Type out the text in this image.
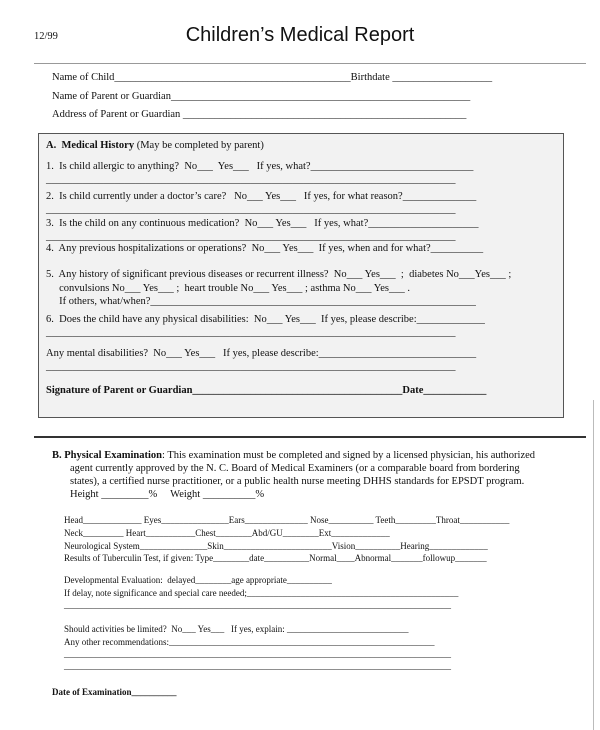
12/99	Children’s Medical Report
Name of Child_____________________________________________Birthdate ___________________
Name of Parent or Guardian_________________________________________________________
Address of Parent or Guardian ______________________________________________________
A.  Medical History (May be completed by parent)
1.  Is child allergic to anything?  No___  Yes___   If yes, what?_______________________________
______________________________________________________________________________
2.  Is child currently under a doctor’s care?   No___ Yes___   If yes, for what reason?______________
______________________________________________________________________________
3.  Is the child on any continuous medication?  No___ Yes___   If yes, what?_____________________
______________________________________________________________________________
4.  Any previous hospitalizations or operations?  No___ Yes___  If yes, when and for what?__________
5.  Any history of significant previous diseases or recurrent illness?  No___ Yes___  ;  diabetes No___Yes___ ;
convulsions No___ Yes___ ;  heart trouble No___ Yes___ ; asthma No___ Yes___ .
If others, what/when?______________________________________________________________
6.  Does the child have any physical disabilities:  No___ Yes___  If yes, please describe:_____________
______________________________________________________________________________
Any mental disabilities?  No___ Yes___   If yes, please describe:______________________________
______________________________________________________________________________
Signature of Parent or Guardian________________________________________Date____________
B. Physical Examination: This examination must be completed and signed by a licensed physician, his authorized
agent currently approved by the N. C. Board of Medical Examiners (or a comparable board from bordering
states), a certified nurse practitioner, or a public health nurse meeting DHHS standards for EPSDT program.
Height _________%     Weight __________%
Head_____________ Eyes_______________Ears______________ Nose__________ Teeth_________Throat___________
Neck_________ Heart___________Chest________Abd/GU________Ext_____________
Neurological System_______________Skin________________________Vision__________Hearing_____________
Results of Tuberculin Test, if given: Type________date__________Normal____Abnormal_______followup_______
Developmental Evaluation:  delayed________age appropriate__________
If delay, note significance and special care needed;_______________________________________________
______________________________________________________________________________________
Should activities be limited?  No___ Yes___   If yes, explain: ___________________________
Any other recommendations:___________________________________________________________
______________________________________________________________________________________
______________________________________________________________________________________
Date of Examination__________
